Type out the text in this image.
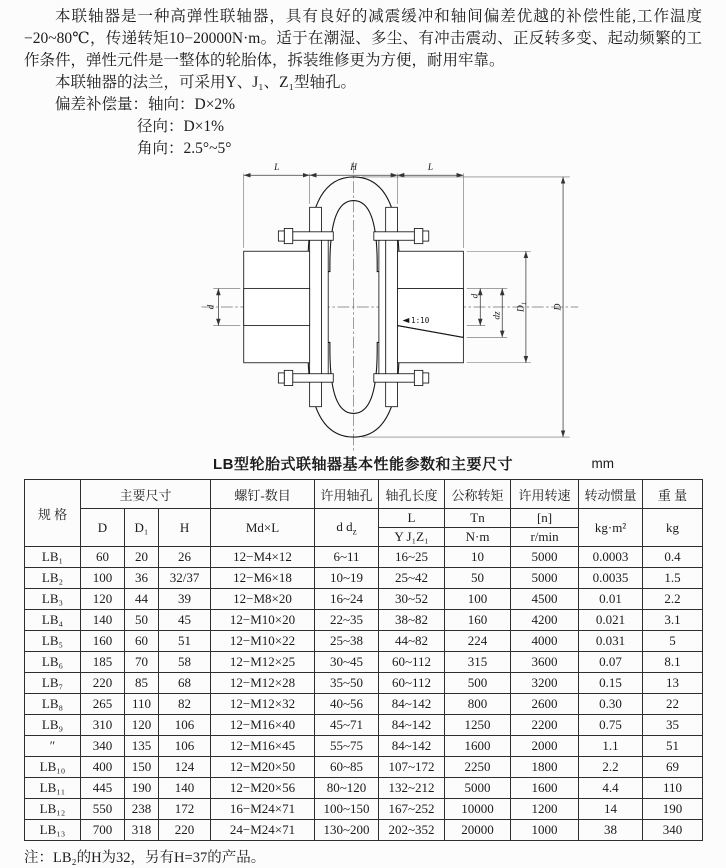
本联轴器是一种高弹性联轴器，具有良好的减震缓冲和轴间偏差优越的补偿性能,工作温度−20~80℃，传递转矩10−20000N·m。适于在潮湿、多尘、有冲击震动、正反转多变、起动频繁的工作条件，弹性元件是一整体的轮胎体，拆装维修更为方便，耐用牢靠。

本联轴器的法兰，可采用Y、J₁、Z₁型轴孔。

偏差补偿量：轴向：D×2%

径向：D×1%

角向：2.5°~5°

1:10
L	H	L
d
d
dz
D₁ D

LB型轮胎式联轴器基本性能参数和主要尺寸	mm
规 格	主要尺寸			螺钉-数目	许用轴孔	轴孔长度	公称转矩	许用转速	转动惯量	重 量
	D	D₁	H	Md×L	d $d_z$	L	Tn	[n]	kg·m²	kg
						Y J₁Z₁	N·m	r/min		
LB₁	60	20	26	12−M4×12	6~11	16~25	10	5000	0.0003	0.4
LB₂	100	36	32/37	12−M6×18	10~19	25~42	50	5000	0.0035	1.5
LB₃	120	44	39	12−M8×20	16~24	30~52	100	4500	0.01	2.2
LB₄	140	50	45	12−M10×20	22~35	38~82	160	4200	0.021	3.1
LB₅	160	60	51	12−M10×22	25~38	44~82	224	4000	0.031	5
LB₆	185	70	58	12−M12×25	30~45	60~112	315	3600	0.07	8.1
LB₇	220	85	68	12−M12×28	35~50	60~112	500	3200	0.15	13
LB₈	265	110	82	12−M12×32	40~56	84~142	800	2600	0.30	22
LB₉	310	120	106	12−M16×40	45~71	84~142	1250	2200	0.75	35
″	340	135	106	12−M16×45	55~75	84~142	1600	2000	1.1	51
LB₁₀	400	150	124	12−M20×50	60~85	107~172	2250	1800	2.2	69
LB₁₁	445	190	140	12−M20×56	80~120	132~212	5000	1600	4.4	110
LB₁₂	550	238	172	16−M24×71	100~150	167~252	10000	1200	14	190
LB₁₃	700	318	220	24−M24×71	130~200	202~352	20000	1000	38	340

注：LB₂的H为32，另有H=37的产品。
